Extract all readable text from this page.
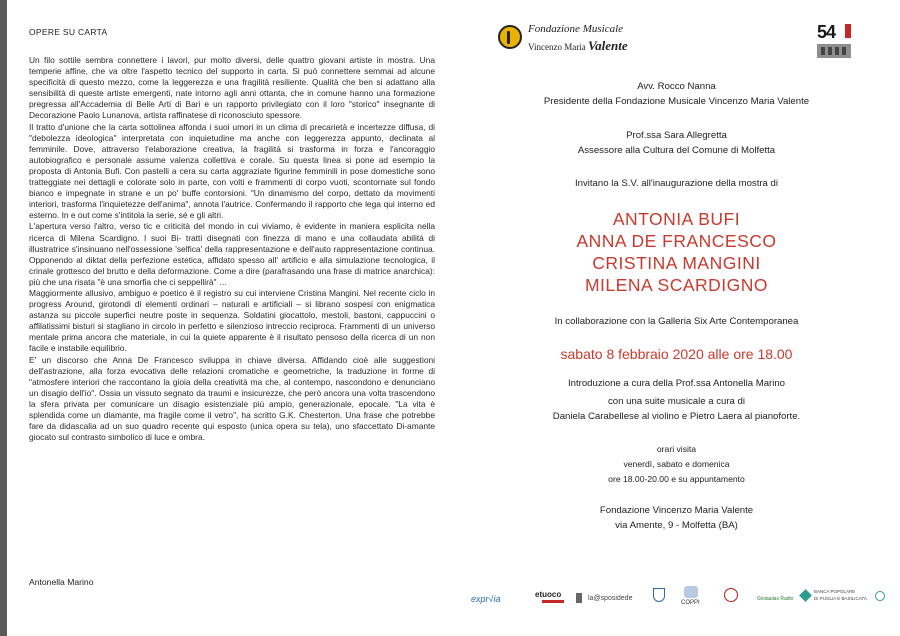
OPERE SU CARTA

Un filo sottile sembra connettere i lavori, pur molto diversi, delle quattro giovani artiste in mostra. Una temperie affine, che va oltre l'aspetto tecnico del supporto in carta. Si può connettere semmai ad alcune specificità di questo mezzo, come la leggerezza e una fragilità resiliente. Qualità che ben si adattano alla sensibilità di queste artiste emergenti, nate intorno agli anni ottanta, che in comune hanno una formazione pregressa all'Accademia di Belle Arti di Bari e un rapporto privilegiato con il loro "storico" insegnante di Decorazione Paolo Lunanova, artista raffinatese di riconosciuto spessore.

Il tratto d'unione che la carta sottolinea affonda i suoi umori in un clima di precarietà e incertezze diffusa, di "debolezza ideologica" interpretata con inquietudine ma anche con leggerezza appunto, declinata al femminile. Dove, attraverso l'elaborazione creativa, la fragilità si trasforma in forza e l'ancoraggio autobiografico e personale assume valenza collettiva e corale. Su questa linea si pone ad esempio la proposta di Antonia Bufi. Con pastelli a cera su carta aggraziate figurine femminili in pose domestiche sono tratteggiate nei dettagli e colorate solo in parte, con volti e frammenti di corpo vuoti, scontornate sul fondo bianco e impegnate in strane e un po' buffe contorsioni. "Un dinamismo del corpo, dettato da movimenti interiori, trasforma l'inquietezze dell'anima", annota l'autrice. Confermando il rapporto che lega qui interno ed esterno. In e out come s'intitola la serie, sé e gli altri.

L'apertura verso l'altro, verso tic e criticità del mondo in cui viviamo, è evidente in maniera esplicita nella ricerca di Milena Scardigno. I suoi Bi- tratti disegnati con finezza di mano e una collaudata abilità di illustratrice s'insinuano nell'ossessione 'selfica' della rappresentazione e dell'auto rappresentazione continua. Opponendo al diktat della perfezione estetica, affidato spesso all' artificio e alla simulazione tecnologica, il crinale grottesco del brutto e della deformazione. Come a dire (parafrasando una frase di matrice anarchica): più che una risata "è una smorfia che ci seppellirà" …

Maggiormente allusivo, ambiguo e poetico è il registro su cui interviene Cristina Mangini. Nel recente ciclo in progress Around, girotondi di elementi ordinari – naturali e artificiali – si librano sospesi con enigmatica astanza su piccole superfici neutre poste in sequenza. Soldatini giocattolo, mestoli, bastoni, cappuccini o affilatissimi bisturi si stagliano in circolo in perfetto e silenzioso intreccio reciproca. Frammenti di un universo mentale prima ancora che materiale, in cui la quiete apparente è il risultato pensoso della ricerca di un non facile e instabile equilibrio.

E' un discorso che Anna De Francesco sviluppa in chiave diversa. Affidando cioè alle suggestioni dell'astrazione, alla forza evocativa delle relazioni cromatiche e geometriche, la traduzione in forme di "atmosfere interiori che raccontano la gioia della creatività ma che, al contempo, nascondono e denunciano un disagio dell'io". Ossia un vissuto segnato da traumi e insicurezze, che però ancora una volta trascendono la sfera privata per comunicare un disagio esistenziale più ampio, generazionale, epocale. "La vita è splendida come un diamante, ma fragile come il vetro", ha scritto G.K. Chesterton. Una frase che potrebbe fare da didascalia ad un suo quadro recente qui esposto (unica opera su tela), uno sfaccettato Di-amante giocato sul contrasto simbolico di luce e ombra.

Antonella Marino
Fondazione Musicale
Vincenzo Maria Valente
54
Avv. Rocco Nanna
Presidente della Fondazione Musicale Vincenzo Maria Valente
Prof.ssa Sara Allegretta
Assessore alla Cultura del Comune di Molfetta
Invitano la S.V. all'inaugurazione della mostra di
ANTONIA BUFI
ANNA DE FRANCESCO
CRISTINA MANGINI
MILENA SCARDIGNO
In collaborazione con la Galleria Six Arte Contemporanea
sabato 8 febbraio 2020 alle ore 18.00
Introduzione a cura della Prof.ssa Antonella Marino
con una suite musicale a cura di
Daniela Carabellese al violino e Pietro Laera al pianoforte.
orari visita
venerdì, sabato e domenica
ore 18.00-20.00 e su appuntamento
Fondazione Vincenzo Maria Valente
via Amente, 9 - Molfetta (BA)
expr√ia	etuoco	la@sposidede
COPPI
Gioiaalias Radio
BANCA POPOLARE
DI PUGLIA E BASILICATA
